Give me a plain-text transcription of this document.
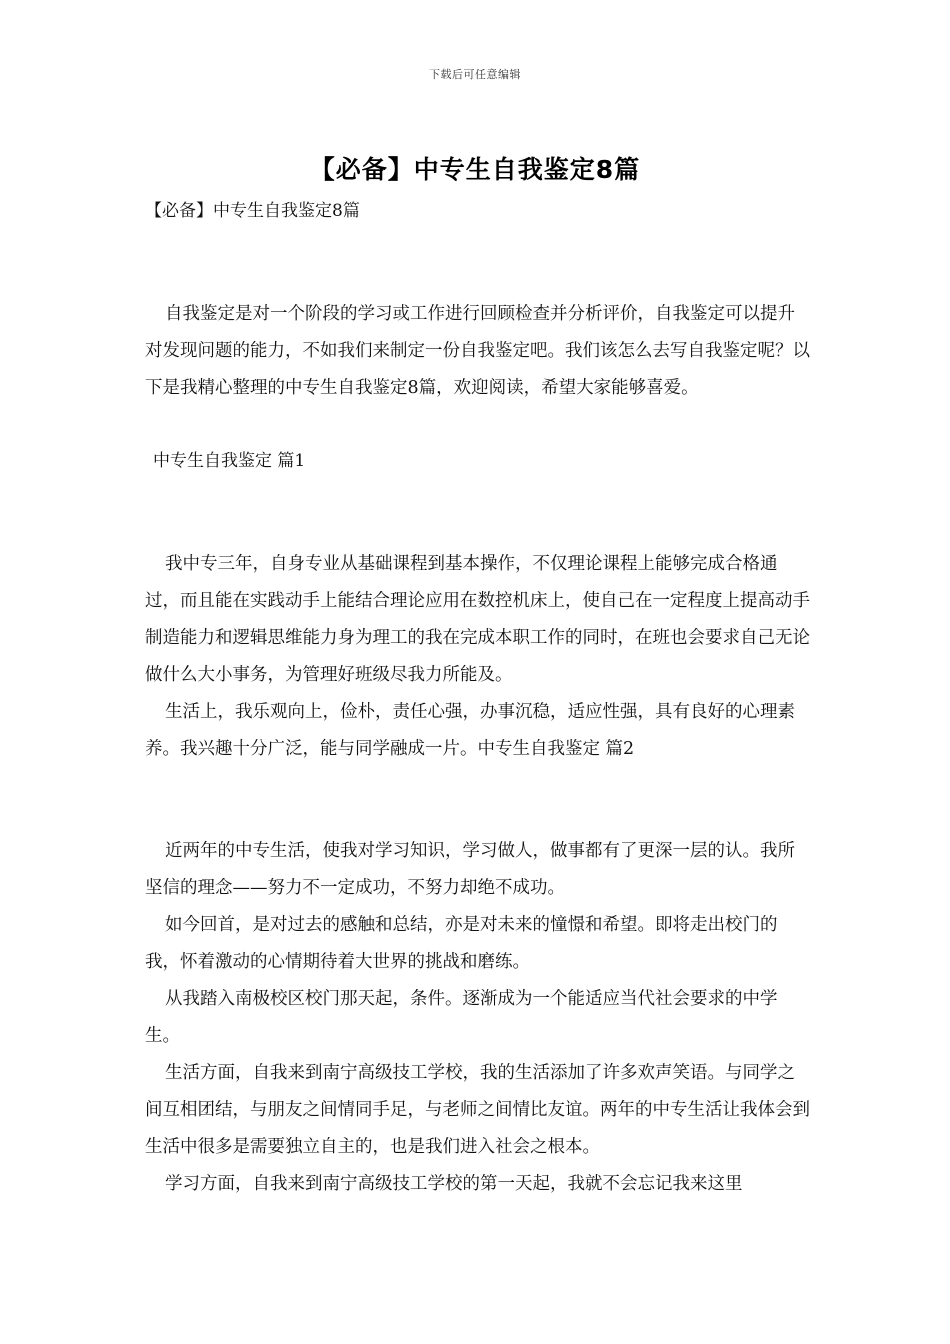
下载后可任意编辑
【必备】中专生自我鉴定8篇
【必备】中专生自我鉴定8篇

自我鉴定是对一个阶段的学习或工作进行回顾检查并分析评价，自我鉴定可以提升对发现问题的能力，不如我们来制定一份自我鉴定吧。我们该怎么去写自我鉴定呢？以下是我精心整理的中专生自我鉴定8篇，欢迎阅读，希望大家能够喜爱。

中专生自我鉴定 篇1

我中专三年，自身专业从基础课程到基本操作，不仅理论课程上能够完成合格通过，而且能在实践动手上能结合理论应用在数控机床上，使自己在一定程度上提高动手制造能力和逻辑思维能力身为理工的我在完成本职工作的同时，在班也会要求自己无论做什么大小事务，为管理好班级尽我力所能及。

生活上，我乐观向上，俭朴，责任心强，办事沉稳，适应性强，具有良好的心理素养。我兴趣十分广泛，能与同学融成一片。中专生自我鉴定 篇2

近两年的中专生活，使我对学习知识，学习做人，做事都有了更深一层的认。我所坚信的理念——努力不一定成功，不努力却绝不成功。

如今回首，是对过去的感触和总结，亦是对未来的憧憬和希望。即将走出校门的我，怀着激动的心情期待着大世界的挑战和磨练。

从我踏入南极校区校门那天起，条件。逐渐成为一个能适应当代社会要求的中学生。

生活方面，自我来到南宁高级技工学校，我的生活添加了许多欢声笑语。与同学之间互相团结，与朋友之间情同手足，与老师之间情比友谊。两年的中专生活让我体会到生活中很多是需要独立自主的，也是我们进入社会之根本。

学习方面，自我来到南宁高级技工学校的第一天起，我就不会忘记我来这里
